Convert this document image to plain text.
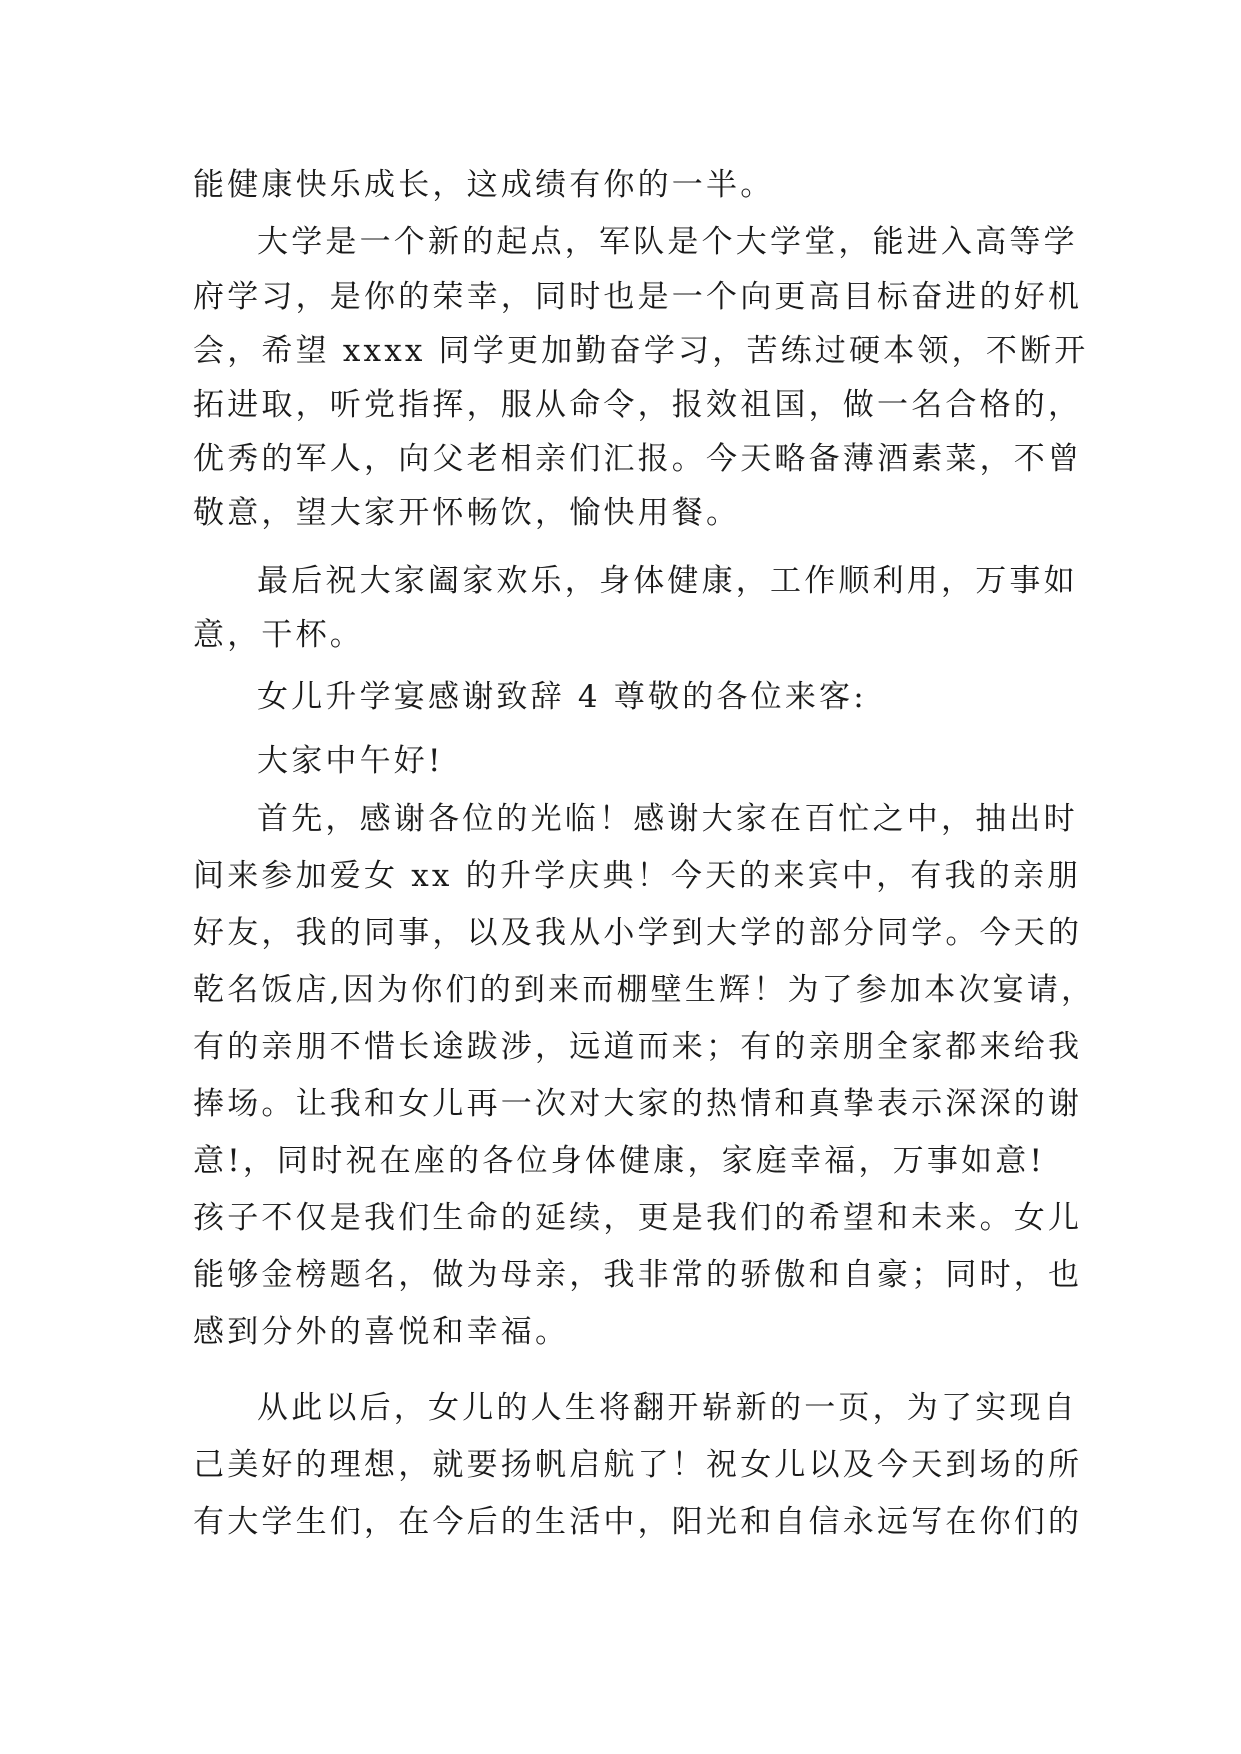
能健康快乐成长，这成绩有你的一半。
大学是一个新的起点，军队是个大学堂，能进入高等学
府学习，是你的荣幸，同时也是一个向更高目标奋进的好机
会，希望 xxxx 同学更加勤奋学习，苦练过硬本领，不断开
拓进取，听党指挥，服从命令，报效祖国，做一名合格的，
优秀的军人，向父老相亲们汇报。今天略备薄酒素菜，不曾
敬意，望大家开怀畅饮，愉快用餐。
最后祝大家阖家欢乐，身体健康，工作顺利用，万事如
意，干杯。
女儿升学宴感谢致辞 4 尊敬的各位来客:
大家中午好!
首先，感谢各位的光临！感谢大家在百忙之中，抽出时
间来参加爱女 xx 的升学庆典！今天的来宾中，有我的亲朋
好友，我的同事，以及我从小学到大学的部分同学。今天的
乾名饭店,因为你们的到来而棚壁生辉！为了参加本次宴请，
有的亲朋不惜长途跋涉，远道而来；有的亲朋全家都来给我
捧场。让我和女儿再一次对大家的热情和真挚表示深深的谢
意!，同时祝在座的各位身体健康，家庭幸福，万事如意!
孩子不仅是我们生命的延续，更是我们的希望和未来。女儿
能够金榜题名，做为母亲，我非常的骄傲和自豪；同时，也
感到分外的喜悦和幸福。
从此以后，女儿的人生将翻开崭新的一页，为了实现自
己美好的理想，就要扬帆启航了！祝女儿以及今天到场的所
有大学生们，在今后的生活中，阳光和自信永远写在你们的
